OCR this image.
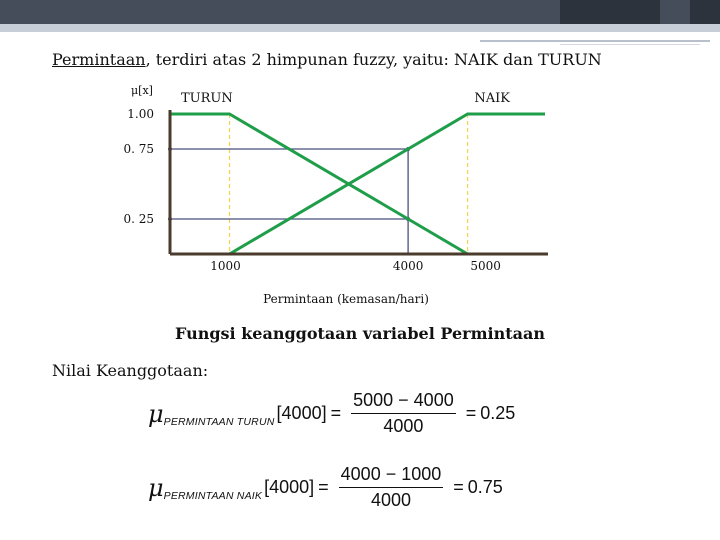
Permintaan, terdiri atas 2 himpunan fuzzy, yaitu: NAIK dan TURUN
μ[x]
1.00
0. 75
0. 25
1000	4000	5000
Permintaan (kemasan/hari)
TURUN	NAIK
Fungsi keanggotaan variabel Permintaan
Nilai Keanggotaan:
μ PERMINTAAN TURUN $[4000] = \frac{5000 - 4000}{4000} = 0.25$
μ PERMINTAAN NAIK $[4000] = \frac{4000 - 1000}{4000} = 0.75$
